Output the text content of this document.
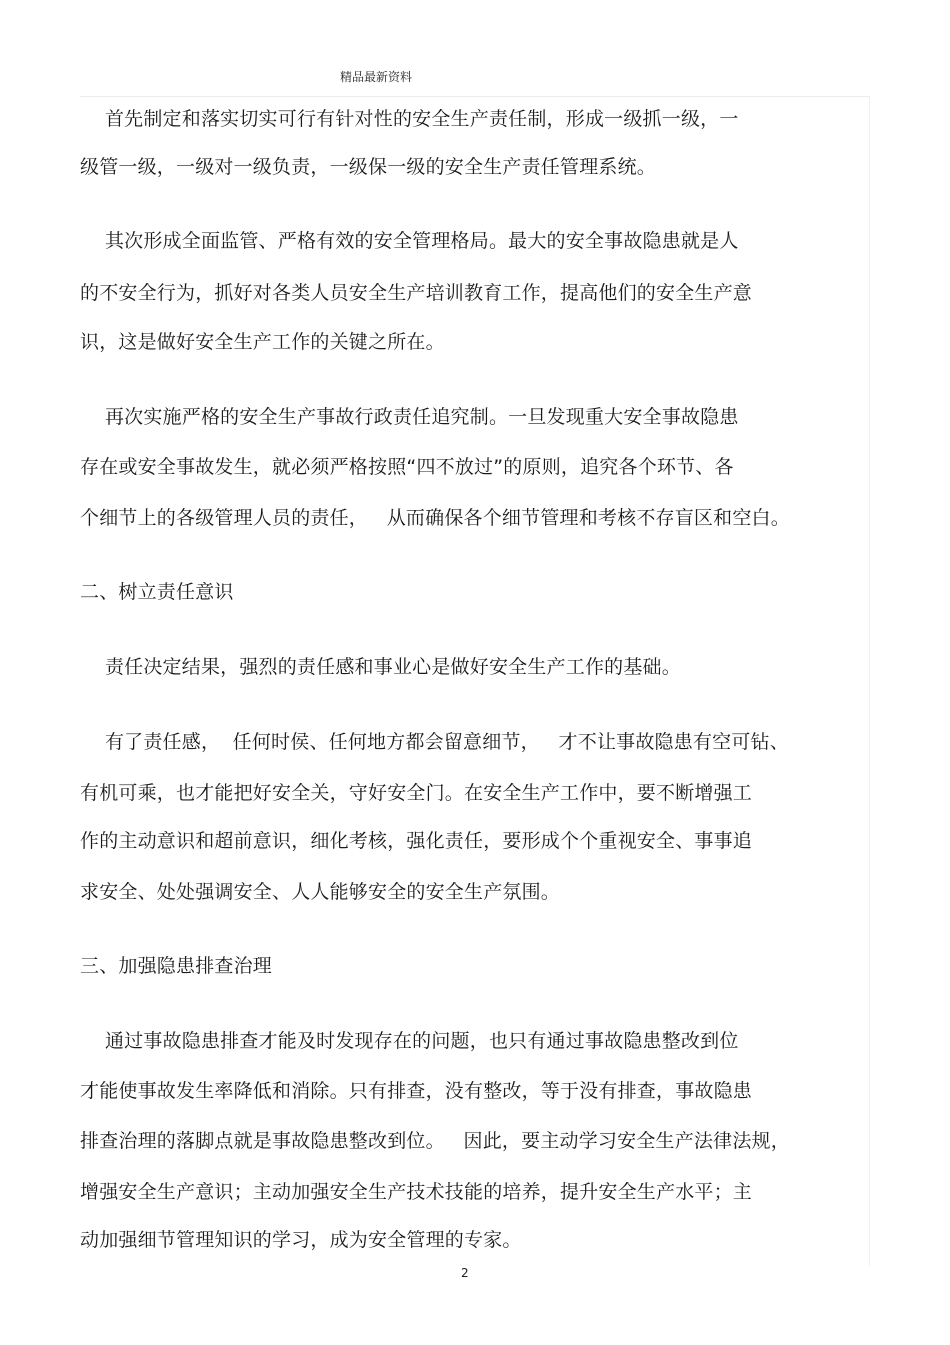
精品最新资料
首先制定和落实切实可行有针对性的安全生产责任制，形成一级抓一级，一
级管一级，一级对一级负责，一级保一级的安全生产责任管理系统。
其次形成全面监管、严格有效的安全管理格局。最大的安全事故隐患就是人
的不安全行为，抓好对各类人员安全生产培训教育工作，提高他们的安全生产意
识，这是做好安全生产工作的关键之所在。
再次实施严格的安全生产事故行政责任追究制。一旦发现重大安全事故隐患
存在或安全事故发生，就必须严格按照“四不放过”的原则，追究各个环节、各
个细节上的各级管理人员的责任，   从而确保各个细节管理和考核不存盲区和空白。
二、树立责任意识
责任决定结果，强烈的责任感和事业心是做好安全生产工作的基础。
有了责任感，  任何时侯、任何地方都会留意细节，   才不让事故隐患有空可钻、
有机可乘，也才能把好安全关，守好安全门。在安全生产工作中，要不断增强工
作的主动意识和超前意识，细化考核，强化责任，要形成个个重视安全、事事追
求安全、处处强调安全、人人能够安全的安全生产氛围。
三、加强隐患排查治理
通过事故隐患排查才能及时发现存在的问题，也只有通过事故隐患整改到位
才能使事故发生率降低和消除。只有排查，没有整改，等于没有排查，事故隐患
排查治理的落脚点就是事故隐患整改到位。   因此，要主动学习安全生产法律法规，
增强安全生产意识；主动加强安全生产技术技能的培养，提升安全生产水平；主
动加强细节管理知识的学习，成为安全管理的专家。
2
